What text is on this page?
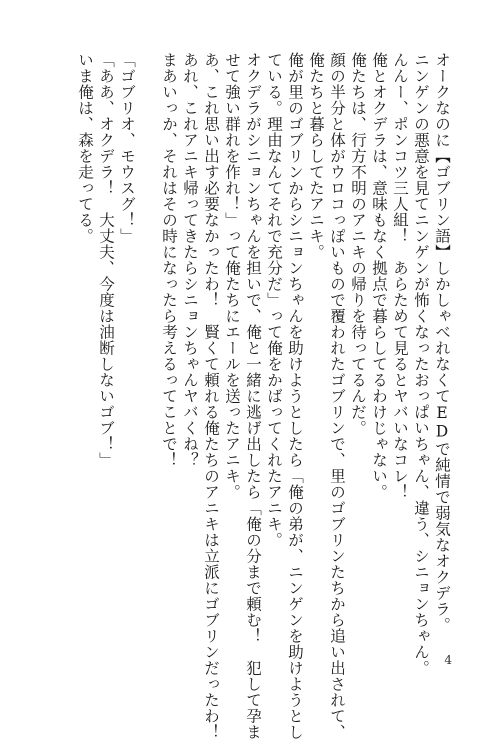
オークなのに【ゴブリン語】しかしゃべれなくてEDで純情で弱気なオクデラ。
ニンゲンの悪意を見てニンゲンが怖くなったおっぱいちゃん、違う、シニョンちゃん。
んんー、ポンコツ三人組！　あらためて見るとヤバいなコレ！
俺とオクデラは、意味もなく拠点で暮らしてるわけじゃない。
俺たちは、行方不明のアニキの帰りを待ってるんだ。
顔の半分と体がウロコっぽいもので覆われたゴブリンで、里のゴブリンたちから追い出されて、
俺たちと暮らしてたアニキ。
俺が里のゴブリンからシニョンちゃんを助けようとしたら「俺の弟が、ニンゲンを助けようとし
ている。理由なんてそれで充分だ」って俺をかばってくれたアニキ。
オクデラがシニョンちゃんを担いで、俺と一緒に逃げ出したら「俺の分まで頼む！　犯して孕ま
せて強い群れを作れ！」って俺たちにエールを送ったアニキ。
あ、これ思い出す必要なかったわ！　賢くて頼れる俺たちのアニキは立派にゴブリンだったわ！
あれ、これアニキ帰ってきたらシニョンちゃんヤバくね？
まあいっか、それはその時になったら考えるってことで！
「ゴブリオ、モウスグ！」
「ああ、オクデラ！　大丈夫、今度は油断しないゴブ！」
いま俺は、森を走ってる。
4
